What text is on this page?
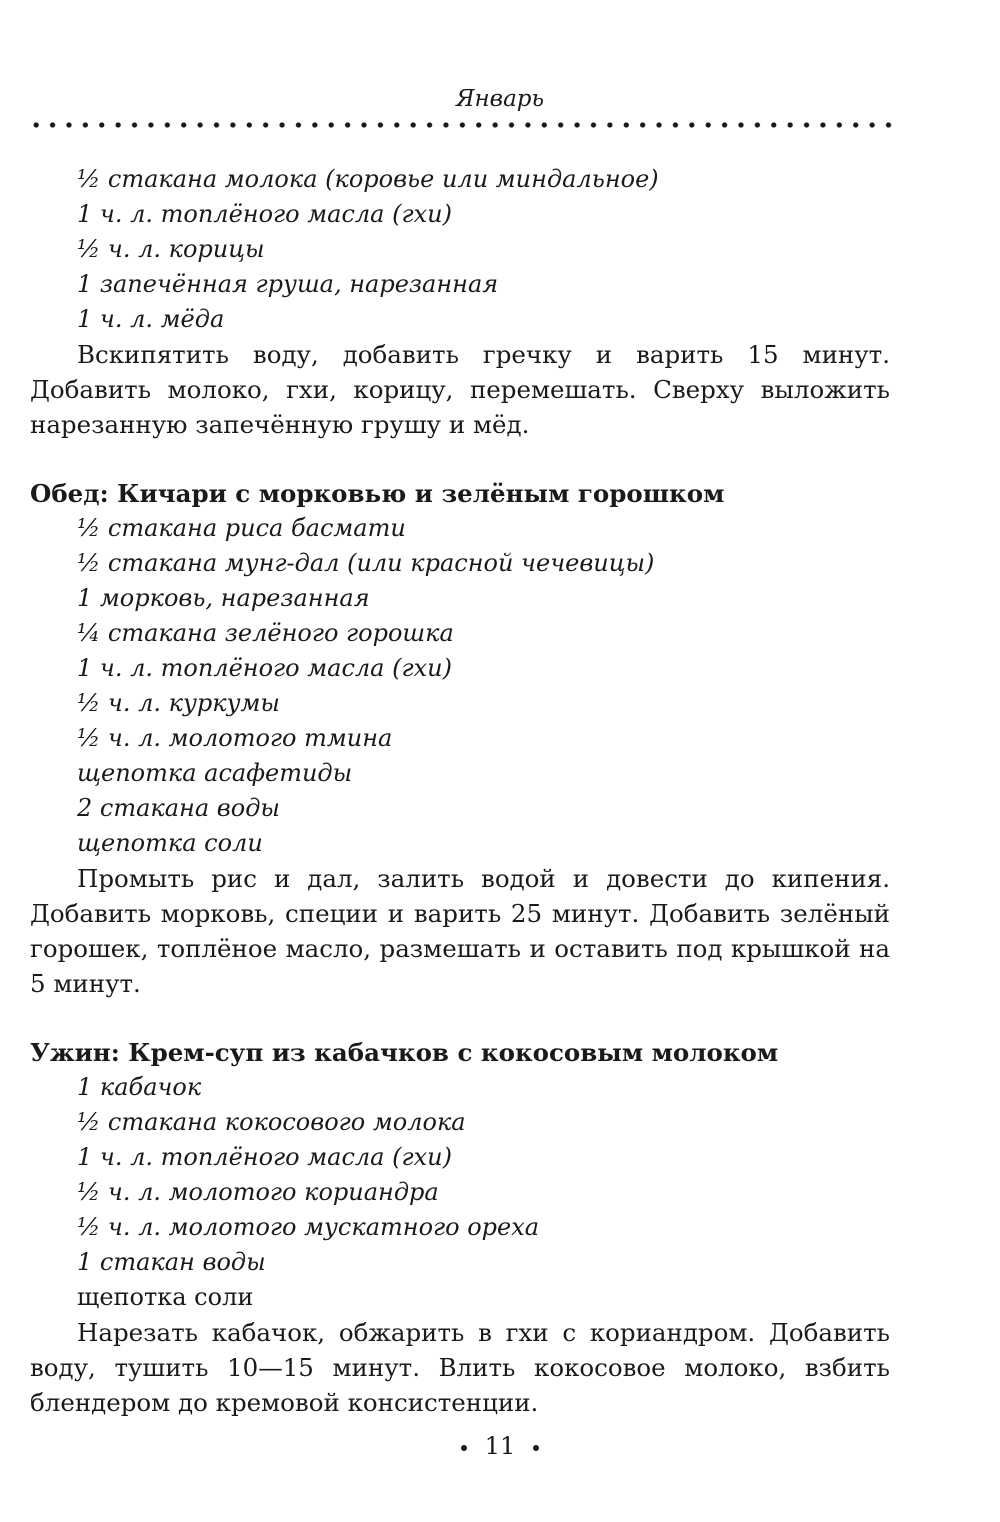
Январь

½ стакана молока (коровье или миндальное)

1 ч. л. топлёного масла (гхи)

½ ч. л. корицы

1 запечённая груша, нарезанная

1 ч. л. мёда

Вскипятить воду, добавить гречку и варить 15 минут. Добавить молоко, гхи, корицу, перемешать. Сверху выложить нарезанную запечённую грушу и мёд.

Обед: Кичари с морковью и зелёным горошком

½ стакана риса басмати

½ стакана мунг-дал (или красной чечевицы)

1 морковь, нарезанная

¼ стакана зелёного горошка

1 ч. л. топлёного масла (гхи)

½ ч. л. куркумы

½ ч. л. молотого тмина

щепотка асафетиды

2 стакана воды

щепотка соли

Промыть рис и дал, залить водой и довести до кипения. Добавить морковь, специи и варить 25 минут. Добавить зелёный горошек, топлёное масло, размешать и оставить под крышкой на 5 минут.

Ужин: Крем-суп из кабачков с кокосовым молоком

1 кабачок

½ стакана кокосового молока

1 ч. л. топлёного масла (гхи)

½ ч. л. молотого кориандра

½ ч. л. молотого мускатного ореха

1 стакан воды

щепотка соли

Нарезать кабачок, обжарить в гхи с кориандром. Добавить воду, тушить 10—15 минут. Влить кокосовое молоко, взбить блендером до кремовой консистенции.

11
